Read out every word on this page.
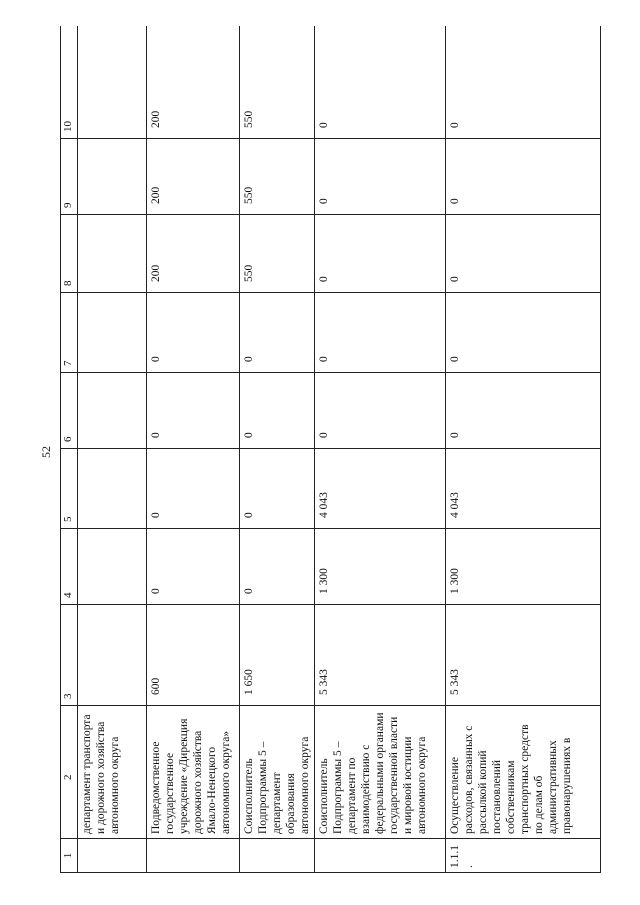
52
1	2	3	4	5	6	7	8	9	10
	департамент транспорта и дорожного хозяйства автономного округа								
	Подведомственное государственное учреждение «Дирекция дорожного хозяйства Ямало-Ненецкого автономного округа»	600	0	0	0	0	200	200	200
	Соисполнитель Подпрограммы 5 – департамент образования автономного округа	1 650	0	0	0	0	550	550	550
	Соисполнитель Подпрограммы 5 – департамент по взаимодействию с федеральными органами государственной власти и мировой юстиции автономного округа	5 343	1 300	4 043	0	0	0	0	0
1.1.1.	Осуществление расходов, связанных с рассылкой копий постановлений собственникам транспортных средств по делам об административных правонарушениях в	5 343	1 300	4 043	0	0	0	0	0
